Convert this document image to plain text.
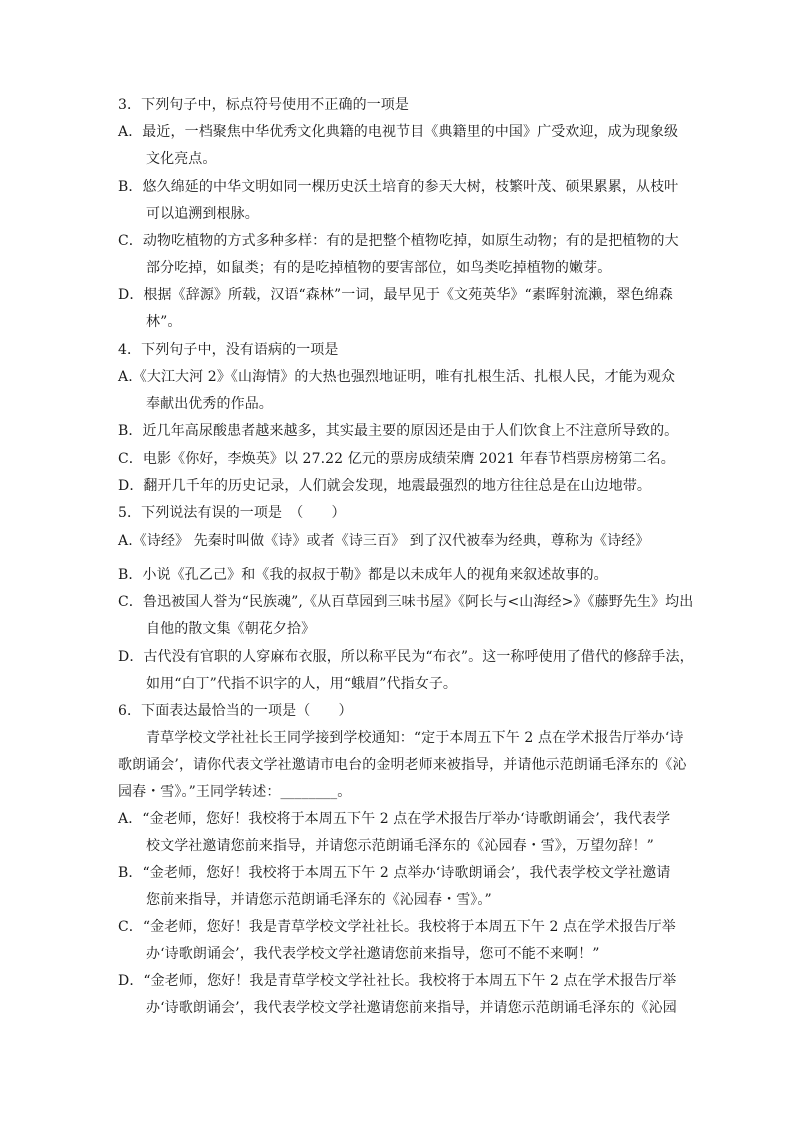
3．下列句子中，标点符号使用不正确的一项是
A．最近，一档聚焦中华优秀文化典籍的电视节目《典籍里的中国》广受欢迎，成为现象级
文化亮点。
B．悠久绵延的中华文明如同一棵历史沃土培育的参天大树，枝繁叶茂、硕果累累，从枝叶
可以追溯到根脉。
C．动物吃植物的方式多种多样：有的是把整个植物吃掉，如原生动物；有的是把植物的大
部分吃掉，如鼠类；有的是吃掉植物的要害部位，如鸟类吃掉植物的嫩芽。
D．根据《辞源》所载，汉语“森林”一词，最早见于《文苑英华》“素晖射流濑，翠色绵森
林”。
4．下列句子中，没有语病的一项是
A.《大江大河 2》《山海情》的大热也强烈地证明，唯有扎根生活、扎根人民，才能为观众
奉献出优秀的作品。
B．近几年高尿酸患者越来越多，其实最主要的原因还是由于人们饮食上不注意所导致的。
C．电影《你好，李焕英》以 27.22 亿元的票房成绩荣膺 2021 年春节档票房榜第二名。
D．翻开几千年的历史记录，人们就会发现，地震最强烈的地方往往总是在山边地带。
5．下列说法有误的一项是　（　　）
A.《诗经》 先秦时叫做《诗》或者《诗三百》 到了汉代被奉为经典，尊称为《诗经》
B．小说《孔乙己》和《我的叔叔于勒》都是以未成年人的视角来叙述故事的。
C．鲁迅被国人誉为“民族魂”,《从百草园到三味书屋》《阿长与<山海经>》《藤野先生》均出
自他的散文集《朝花夕拾》
D．古代没有官职的人穿麻布衣服，所以称平民为“布衣”。这一称呼使用了借代的修辞手法，
如用“白丁”代指不识字的人，用“蛾眉”代指女子。
6．下面表达最恰当的一项是（　　）
青草学校文学社社长王同学接到学校通知：“定于本周五下午 2 点在学术报告厅举办‘诗
歌朗诵会’，请你代表文学社邀请市电台的金明老师来被指导，并请他示范朗诵毛泽东的《沁
园春・雪》。”王同学转述：________。
A．“金老师，您好！我校将于本周五下午 2 点在学术报告厅举办‘诗歌朗诵会’，我代表学
校文学社邀请您前来指导，并请您示范朗诵毛泽东的《沁园春・雪》，万望勿辞！”
B．“金老师，您好！我校将于本周五下午 2 点举办‘诗歌朗诵会’，我代表学校文学社邀请
您前来指导，并请您示范朗诵毛泽东的《沁园春・雪》。”
C．“金老师，您好！我是青草学校文学社社长。我校将于本周五下午 2 点在学术报告厅举
办‘诗歌朗诵会’，我代表学校文学社邀请您前来指导，您可不能不来啊！”
D．“金老师，您好！我是青草学校文学社社长。我校将于本周五下午 2 点在学术报告厅举
办‘诗歌朗诵会’，我代表学校文学社邀请您前来指导，并请您示范朗诵毛泽东的《沁园
